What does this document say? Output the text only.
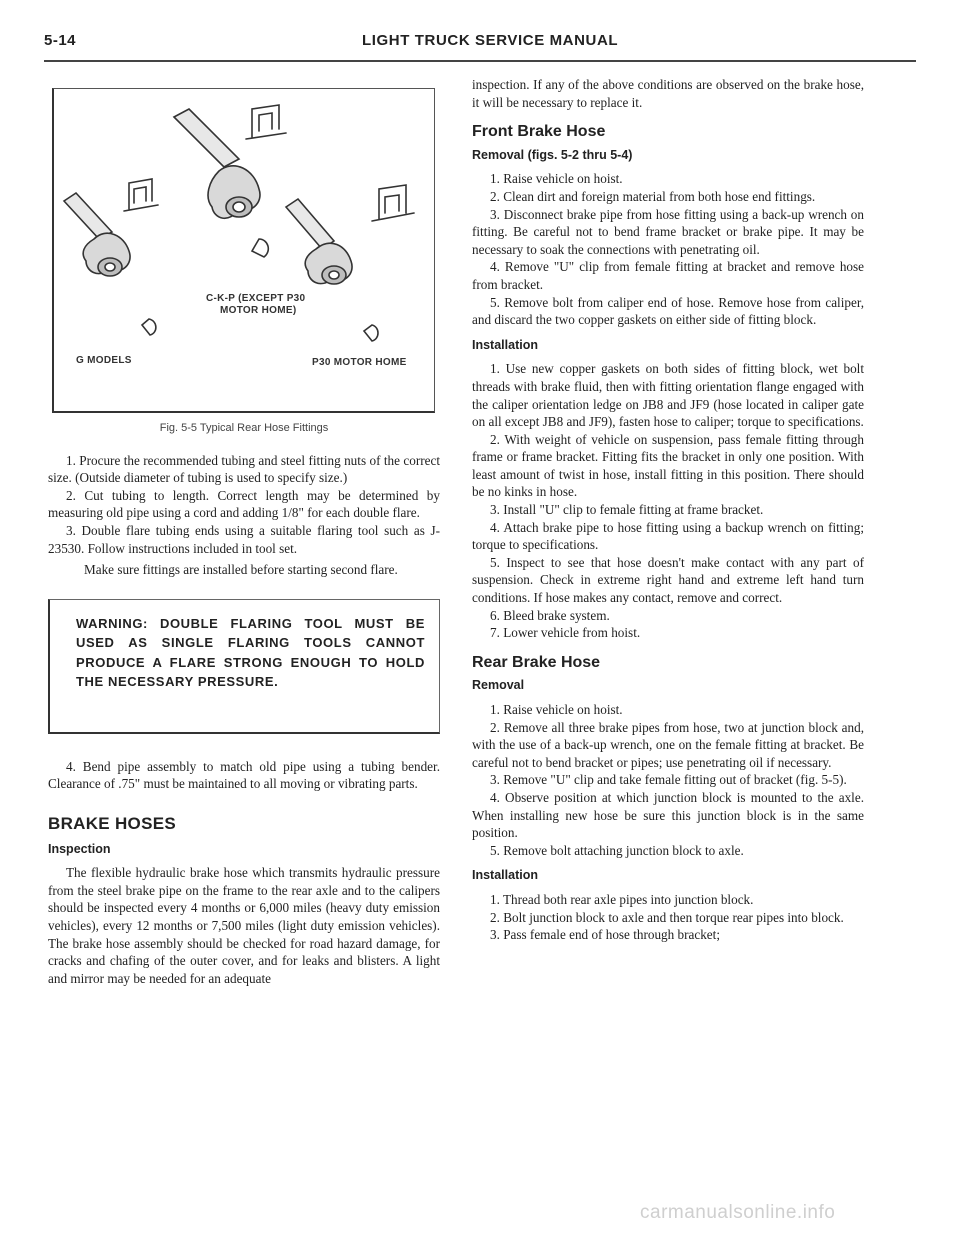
5-14	LIGHT TRUCK SERVICE MANUAL
C-K-P (EXCEPT P30
MOTOR HOME)
G MODELS	P30 MOTOR HOME
Fig. 5-5 Typical Rear Hose Fittings

1. Procure the recommended tubing and steel fitting nuts of the correct size. (Outside diameter of tubing is used to specify size.)

2. Cut tubing to length. Correct length may be determined by measuring old pipe using a cord and adding 1/8" for each double flare.

3. Double flare tubing ends using a suitable flaring tool such as J-23530. Follow instructions included in tool set.

Make sure fittings are installed before starting second flare.

WARNING: DOUBLE FLARING TOOL MUST BE USED AS SINGLE FLARING TOOLS CANNOT PRODUCE A FLARE STRONG ENOUGH TO HOLD THE NECESSARY PRESSURE.

4. Bend pipe assembly to match old pipe using a tubing bender. Clearance of .75" must be maintained to all moving or vibrating parts.

BRAKE HOSES
Inspection

The flexible hydraulic brake hose which transmits hydraulic pressure from the steel brake pipe on the frame to the rear axle and to the calipers should be inspected every 4 months or 6,000 miles (heavy duty emission vehicles), every 12 months or 7,500 miles (light duty emission vehicles). The brake hose assembly should be checked for road hazard damage, for cracks and chafing of the outer cover, and for leaks and blisters. A light and mirror may be needed for an adequate

inspection. If any of the above conditions are observed on the brake hose, it will be necessary to replace it.

Front Brake Hose
Removal (figs. 5-2 thru 5-4)

1. Raise vehicle on hoist.

2. Clean dirt and foreign material from both hose end fittings.

3. Disconnect brake pipe from hose fitting using a back-up wrench on fitting. Be careful not to bend frame bracket or brake pipe. It may be necessary to soak the connections with penetrating oil.

4. Remove "U" clip from female fitting at bracket and remove hose from bracket.

5. Remove bolt from caliper end of hose. Remove hose from caliper, and discard the two copper gaskets on either side of fitting block.

Installation

1. Use new copper gaskets on both sides of fitting block, wet bolt threads with brake fluid, then with fitting orientation flange engaged with the caliper orientation ledge on JB8 and JF9 (hose located in caliper gate on all except JB8 and JF9), fasten hose to caliper; torque to specifications.

2. With weight of vehicle on suspension, pass female fitting through frame or frame bracket. Fitting fits the bracket in only one position. With least amount of twist in hose, install fitting in this position. There should be no kinks in hose.

3. Install "U" clip to female fitting at frame bracket.

4. Attach brake pipe to hose fitting using a backup wrench on fitting; torque to specifications.

5. Inspect to see that hose doesn't make contact with any part of suspension. Check in extreme right hand and extreme left hand turn conditions. If hose makes any contact, remove and correct.

6. Bleed brake system.

7. Lower vehicle from hoist.

Rear Brake Hose
Removal

1. Raise vehicle on hoist.

2. Remove all three brake pipes from hose, two at junction block and, with the use of a back-up wrench, one on the female fitting at bracket. Be careful not to bend bracket or pipes; use penetrating oil if necessary.

3. Remove "U" clip and take female fitting out of bracket (fig. 5-5).

4. Observe position at which junction block is mounted to the axle. When installing new hose be sure this junction block is in the same position.

5. Remove bolt attaching junction block to axle.

Installation

1. Thread both rear axle pipes into junction block.

2. Bolt junction block to axle and then torque rear pipes into block.

3. Pass female end of hose through bracket;

carmanualsonline.info
